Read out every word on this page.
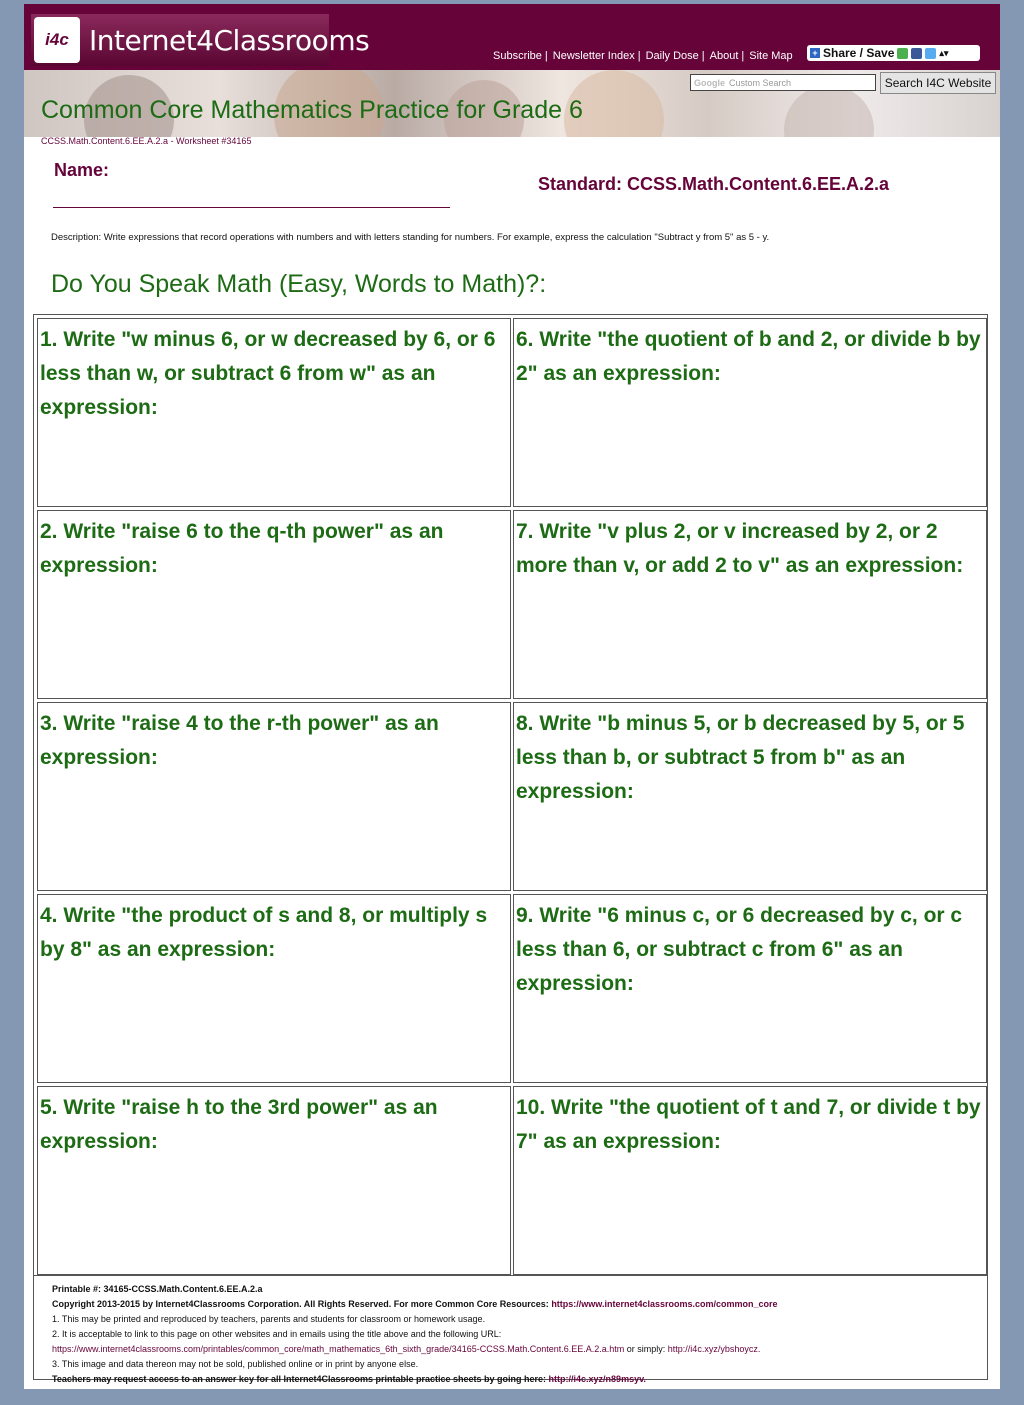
i4c Internet4Classrooms	Subscribe | Newsletter Index | Daily Dose | About | Site Map + Share / Save	▴▾
Google Custom Search	Search I4C Website
Common Core Mathematics Practice for Grade 6
CCSS.Math.Content.6.EE.A.2.a - Worksheet #34165
Name:
Standard: CCSS.Math.Content.6.EE.A.2.a
Description: Write expressions that record operations with numbers and with letters standing for numbers. For example, express the calculation "Subtract y from 5" as 5 - y.
Do You Speak Math (Easy, Words to Math)?:
1. Write "w minus 6, or w decreased by 6, or 6 less than w, or subtract 6 from w" as an expression:
2. Write "raise 6 to the q-th power" as an expression:
3. Write "raise 4 to the r-th power" as an expression:
4. Write "the product of s and 8, or multiply s by 8" as an expression:
5. Write "raise h to the 3rd power" as an expression:
6. Write "the quotient of b and 2, or divide b by 2" as an expression:
7. Write "v plus 2, or v increased by 2, or 2 more than v, or add 2 to v" as an expression:
8. Write "b minus 5, or b decreased by 5, or 5 less than b, or subtract 5 from b" as an expression:
9. Write "6 minus c, or 6 decreased by c, or c less than 6, or subtract c from 6" as an expression:
10. Write "the quotient of t and 7, or divide t by 7" as an expression:
Printable #: 34165-CCSS.Math.Content.6.EE.A.2.a
Copyright 2013-2015 by Internet4Classrooms Corporation. All Rights Reserved. For more Common Core Resources: https://www.internet4classrooms.com/common_core
1. This may be printed and reproduced by teachers, parents and students for classroom or homework usage.
2. It is acceptable to link to this page on other websites and in emails using the title above and the following URL:
https://www.internet4classrooms.com/printables/common_core/math_mathematics_6th_sixth_grade/34165-CCSS.Math.Content.6.EE.A.2.a.htm or simply: http://i4c.xyz/ybshoycz.
3. This image and data thereon may not be sold, published online or in print by anyone else.
Teachers may request access to an answer key for all Internet4Classrooms printable practice sheets by going here: http://i4c.xyz/n89msyv.
